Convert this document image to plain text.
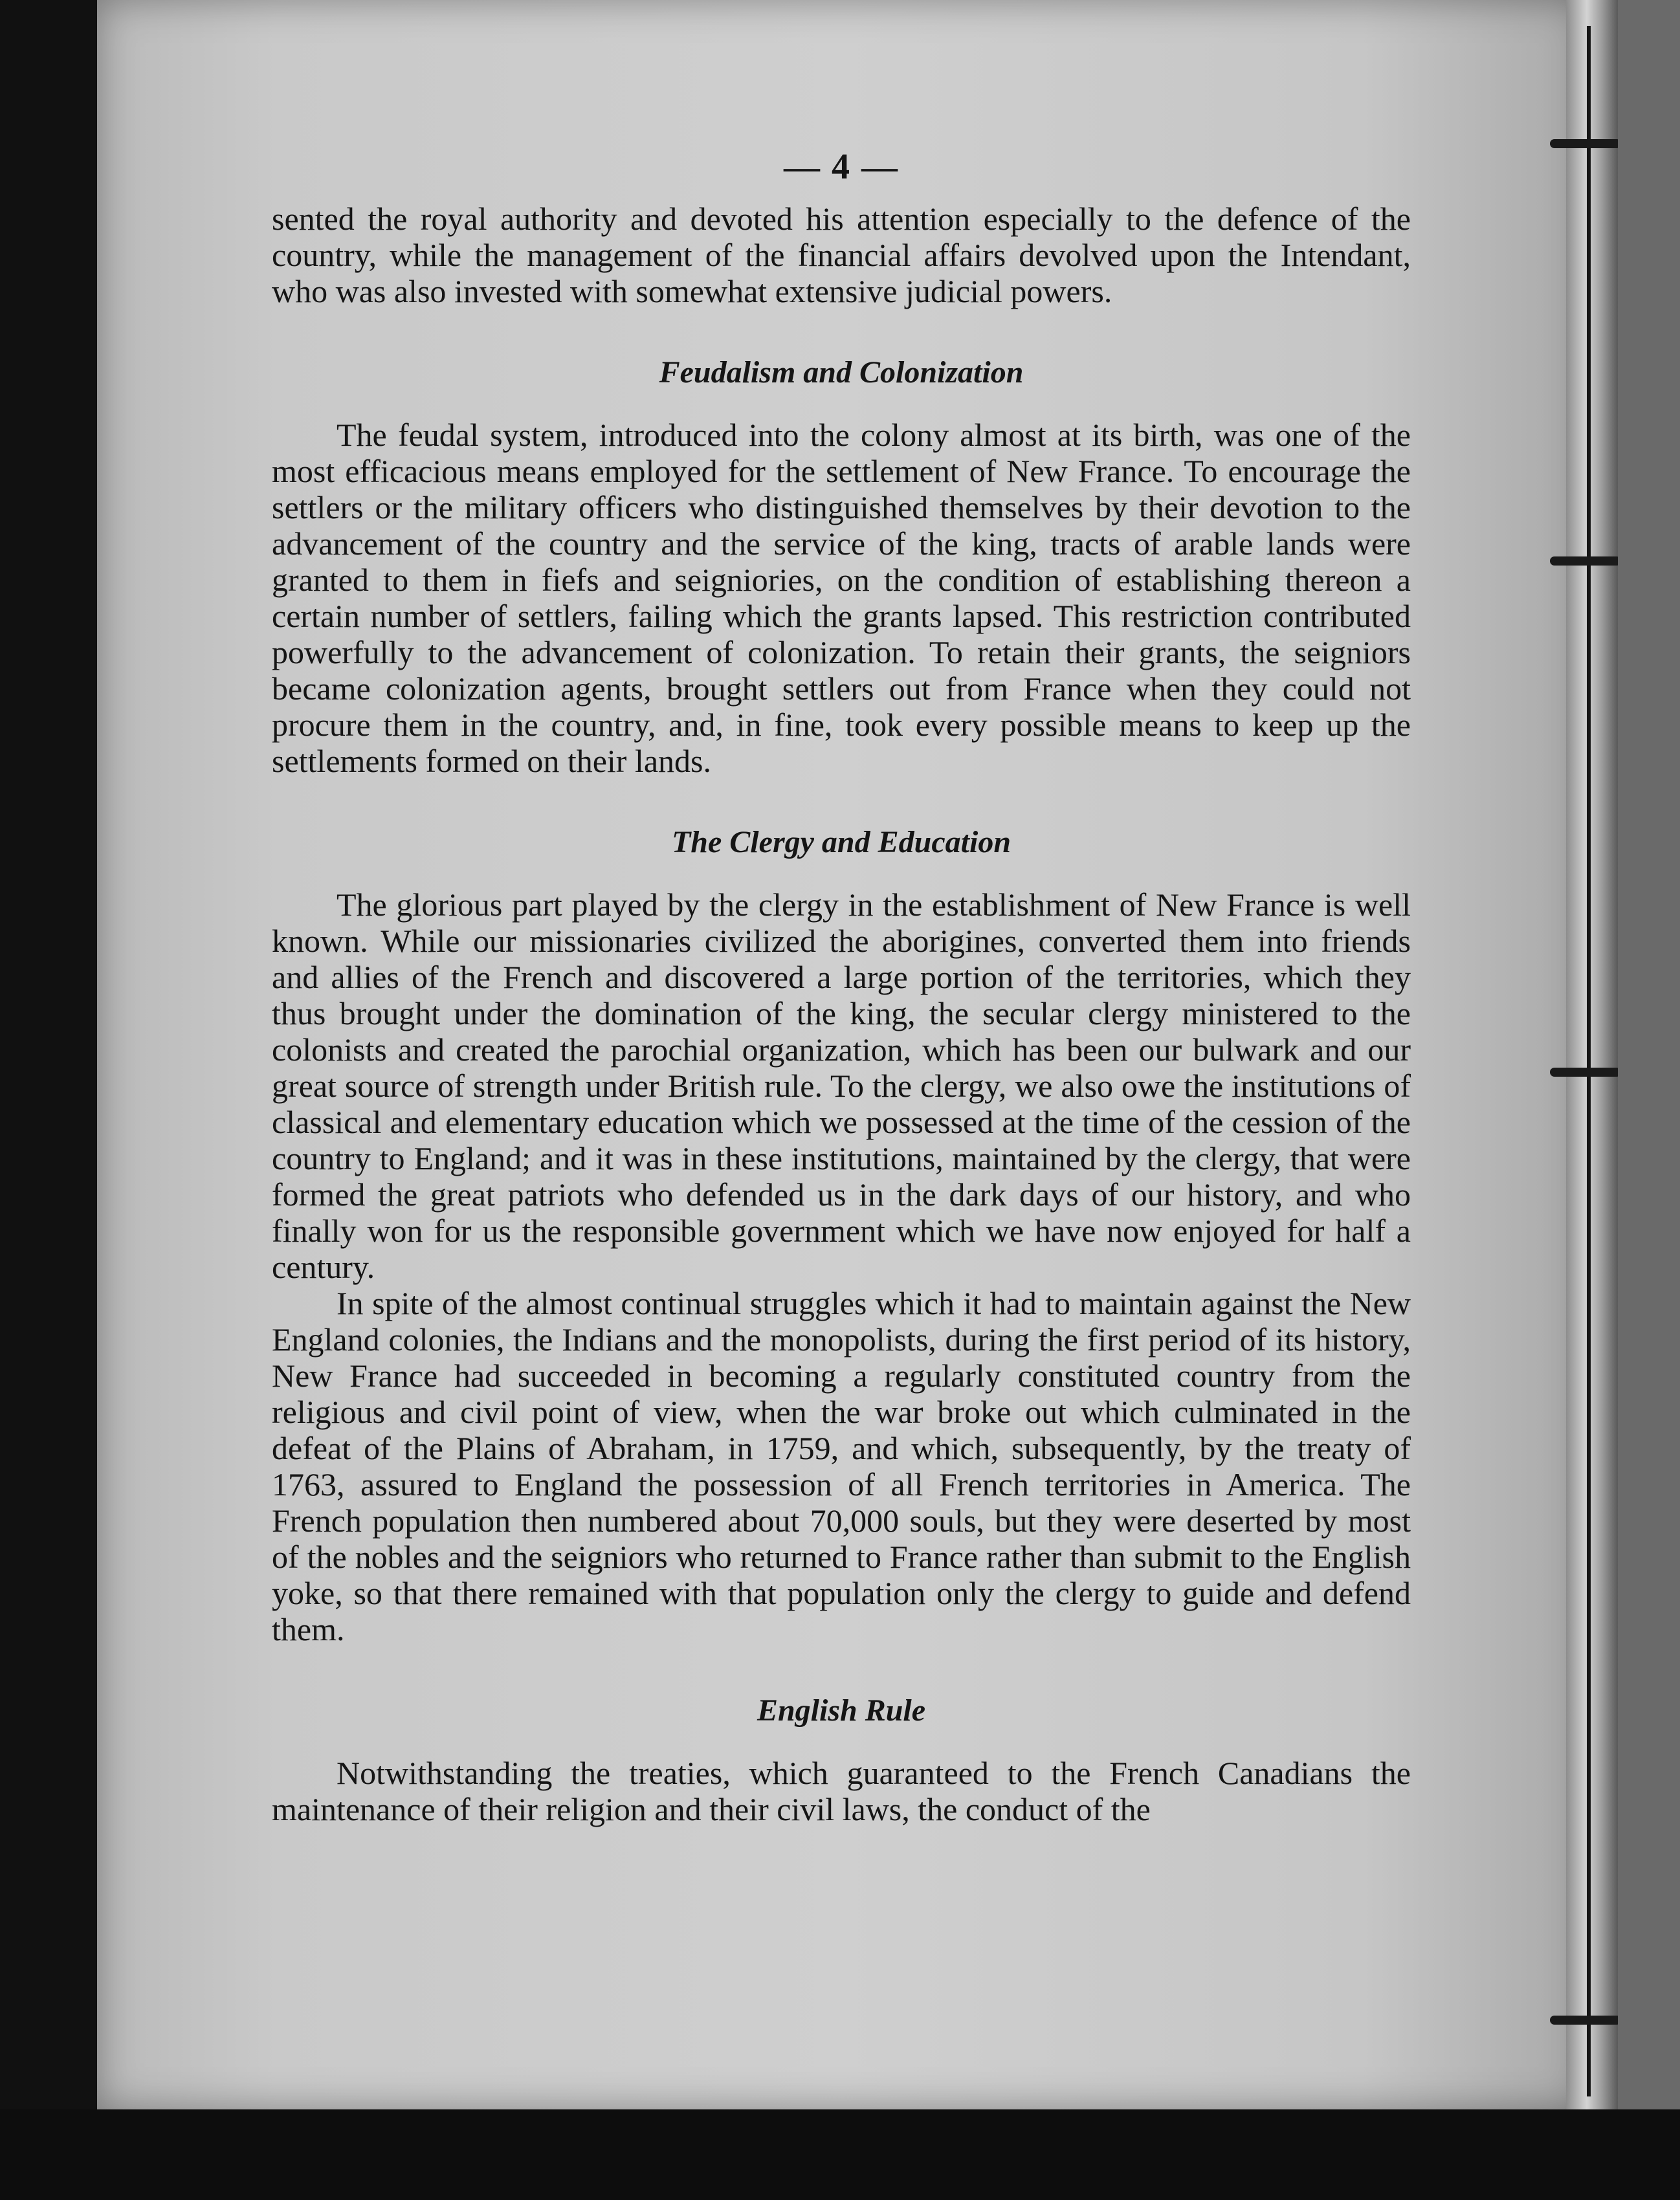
— 4 —

sented the royal authority and devoted his attention especially to the defence of the country, while the management of the financial affairs devolved upon the Intendant, who was also invested with somewhat extensive judicial powers.

Feudalism and Colonization

The feudal system, introduced into the colony almost at its birth, was one of the most efficacious means employed for the settlement of New France. To encourage the settlers or the military officers who distinguished themselves by their devotion to the advancement of the country and the service of the king, tracts of arable lands were granted to them in fiefs and seigniories, on the condition of establishing thereon a certain number of settlers, failing which the grants lapsed. This restriction contributed powerfully to the advancement of colonization. To retain their grants, the seigniors became colonization agents, brought settlers out from France when they could not procure them in the country, and, in fine, took every possible means to keep up the settlements formed on their lands.

The Clergy and Education

The glorious part played by the clergy in the establishment of New France is well known. While our missionaries civilized the aborigines, converted them into friends and allies of the French and discovered a large portion of the territories, which they thus brought under the domination of the king, the secular clergy ministered to the colonists and created the parochial organization, which has been our bulwark and our great source of strength under British rule. To the clergy, we also owe the institutions of classical and elementary education which we possessed at the time of the cession of the country to England; and it was in these institutions, maintained by the clergy, that were formed the great patriots who defended us in the dark days of our history, and who finally won for us the responsible government which we have now enjoyed for half a century.

In spite of the almost continual struggles which it had to maintain against the New England colonies, the Indians and the monopolists, during the first period of its history, New France had succeeded in becoming a regularly constituted country from the religious and civil point of view, when the war broke out which culminated in the defeat of the Plains of Abraham, in 1759, and which, subsequently, by the treaty of 1763, assured to England the possession of all French territories in America. The French population then numbered about 70,000 souls, but they were deserted by most of the nobles and the seigniors who returned to France rather than submit to the English yoke, so that there remained with that population only the clergy to guide and defend them.

English Rule

Notwithstanding the treaties, which guaranteed to the French Canadians the maintenance of their religion and their civil laws, the conduct of the
